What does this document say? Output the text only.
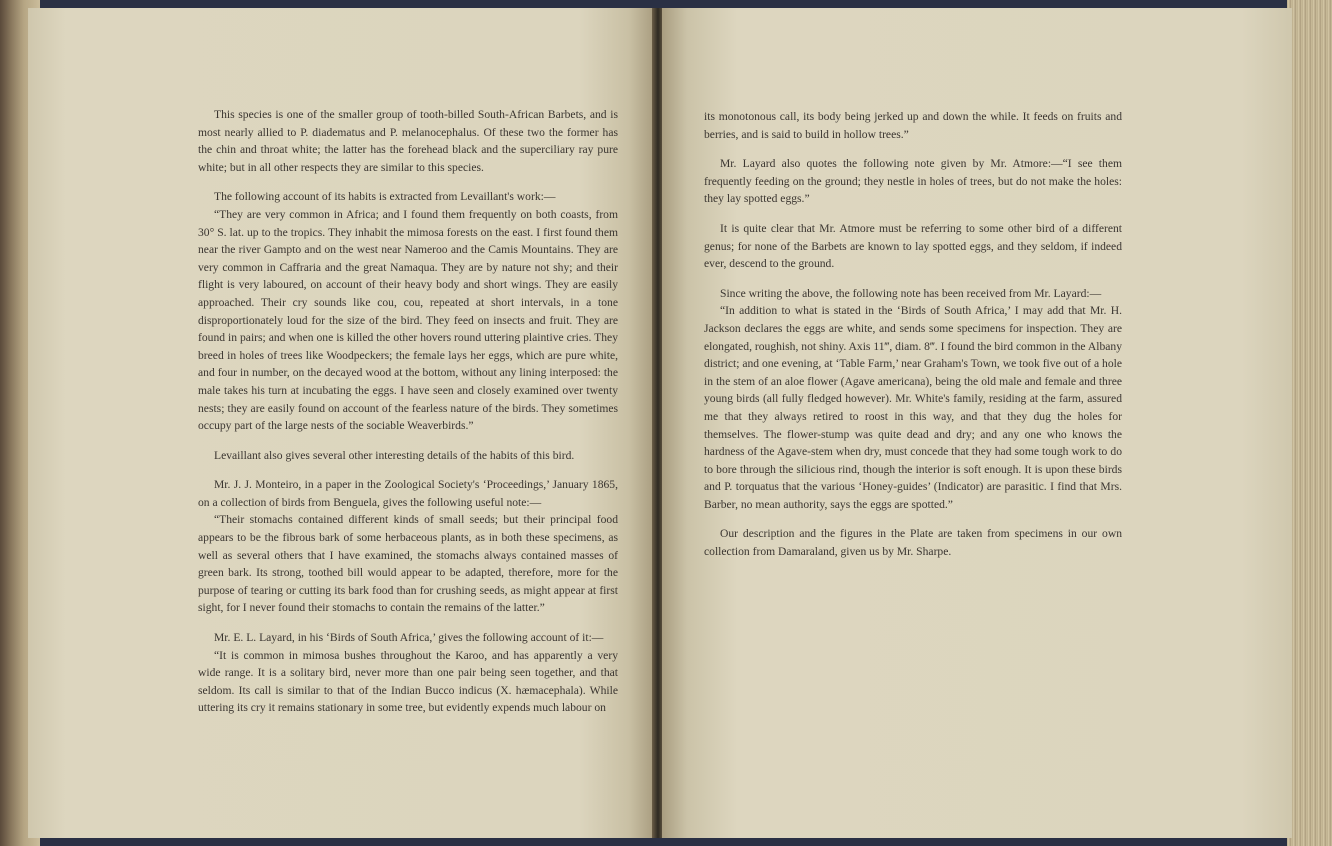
This species is one of the smaller group of tooth-billed South-African Barbets, and is most nearly allied to P. diadematus and P. melanocephalus. Of these two the former has the chin and throat white; the latter has the forehead black and the superciliary ray pure white; but in all other respects they are similar to this species.

The following account of its habits is extracted from Levaillant's work:—

“They are very common in Africa; and I found them frequently on both coasts, from 30° S. lat. up to the tropics. They inhabit the mimosa forests on the east. I first found them near the river Gampto and on the west near Nameroo and the Camis Mountains. They are very common in Caffraria and the great Namaqua. They are by nature not shy; and their flight is very laboured, on account of their heavy body and short wings. They are easily approached. Their cry sounds like cou, cou, repeated at short intervals, in a tone disproportionately loud for the size of the bird. They feed on insects and fruit. They are found in pairs; and when one is killed the other hovers round uttering plaintive cries. They breed in holes of trees like Woodpeckers; the female lays her eggs, which are pure white, and four in number, on the decayed wood at the bottom, without any lining interposed: the male takes his turn at incubating the eggs. I have seen and closely examined over twenty nests; they are easily found on account of the fearless nature of the birds. They sometimes occupy part of the large nests of the sociable Weaverbirds.”

Levaillant also gives several other interesting details of the habits of this bird.

Mr. J. J. Monteiro, in a paper in the Zoological Society's ‘Proceedings,’ January 1865, on a collection of birds from Benguela, gives the following useful note:—

“Their stomachs contained different kinds of small seeds; but their principal food appears to be the fibrous bark of some herbaceous plants, as in both these specimens, as well as several others that I have examined, the stomachs always contained masses of green bark. Its strong, toothed bill would appear to be adapted, therefore, more for the purpose of tearing or cutting its bark food than for crushing seeds, as might appear at first sight, for I never found their stomachs to contain the remains of the latter.”

Mr. E. L. Layard, in his ‘Birds of South Africa,’ gives the following account of it:—

“It is common in mimosa bushes throughout the Karoo, and has apparently a very wide range. It is a solitary bird, never more than one pair being seen together, and that seldom. Its call is similar to that of the Indian Bucco indicus (X. hæmacephala). While uttering its cry it remains stationary in some tree, but evidently expends much labour on

its monotonous call, its body being jerked up and down the while. It feeds on fruits and berries, and is said to build in hollow trees.”

Mr. Layard also quotes the following note given by Mr. Atmore:—“I see them frequently feeding on the ground; they nestle in holes of trees, but do not make the holes: they lay spotted eggs.”

It is quite clear that Mr. Atmore must be referring to some other bird of a different genus; for none of the Barbets are known to lay spotted eggs, and they seldom, if indeed ever, descend to the ground.

Since writing the above, the following note has been received from Mr. Layard:—

“In addition to what is stated in the ‘Birds of South Africa,’ I may add that Mr. H. Jackson declares the eggs are white, and sends some specimens for inspection. They are elongated, roughish, not shiny. Axis 11‴, diam. 8‴. I found the bird common in the Albany district; and one evening, at ‘Table Farm,’ near Graham's Town, we took five out of a hole in the stem of an aloe flower (Agave americana), being the old male and female and three young birds (all fully fledged however). Mr. White's family, residing at the farm, assured me that they always retired to roost in this way, and that they dug the holes for themselves. The flower-stump was quite dead and dry; and any one who knows the hardness of the Agave-stem when dry, must concede that they had some tough work to do to bore through the silicious rind, though the interior is soft enough. It is upon these birds and P. torquatus that the various ‘Honey-guides’ (Indicator) are parasitic. I find that Mrs. Barber, no mean authority, says the eggs are spotted.”

Our description and the figures in the Plate are taken from specimens in our own collection from Damaraland, given us by Mr. Sharpe.
